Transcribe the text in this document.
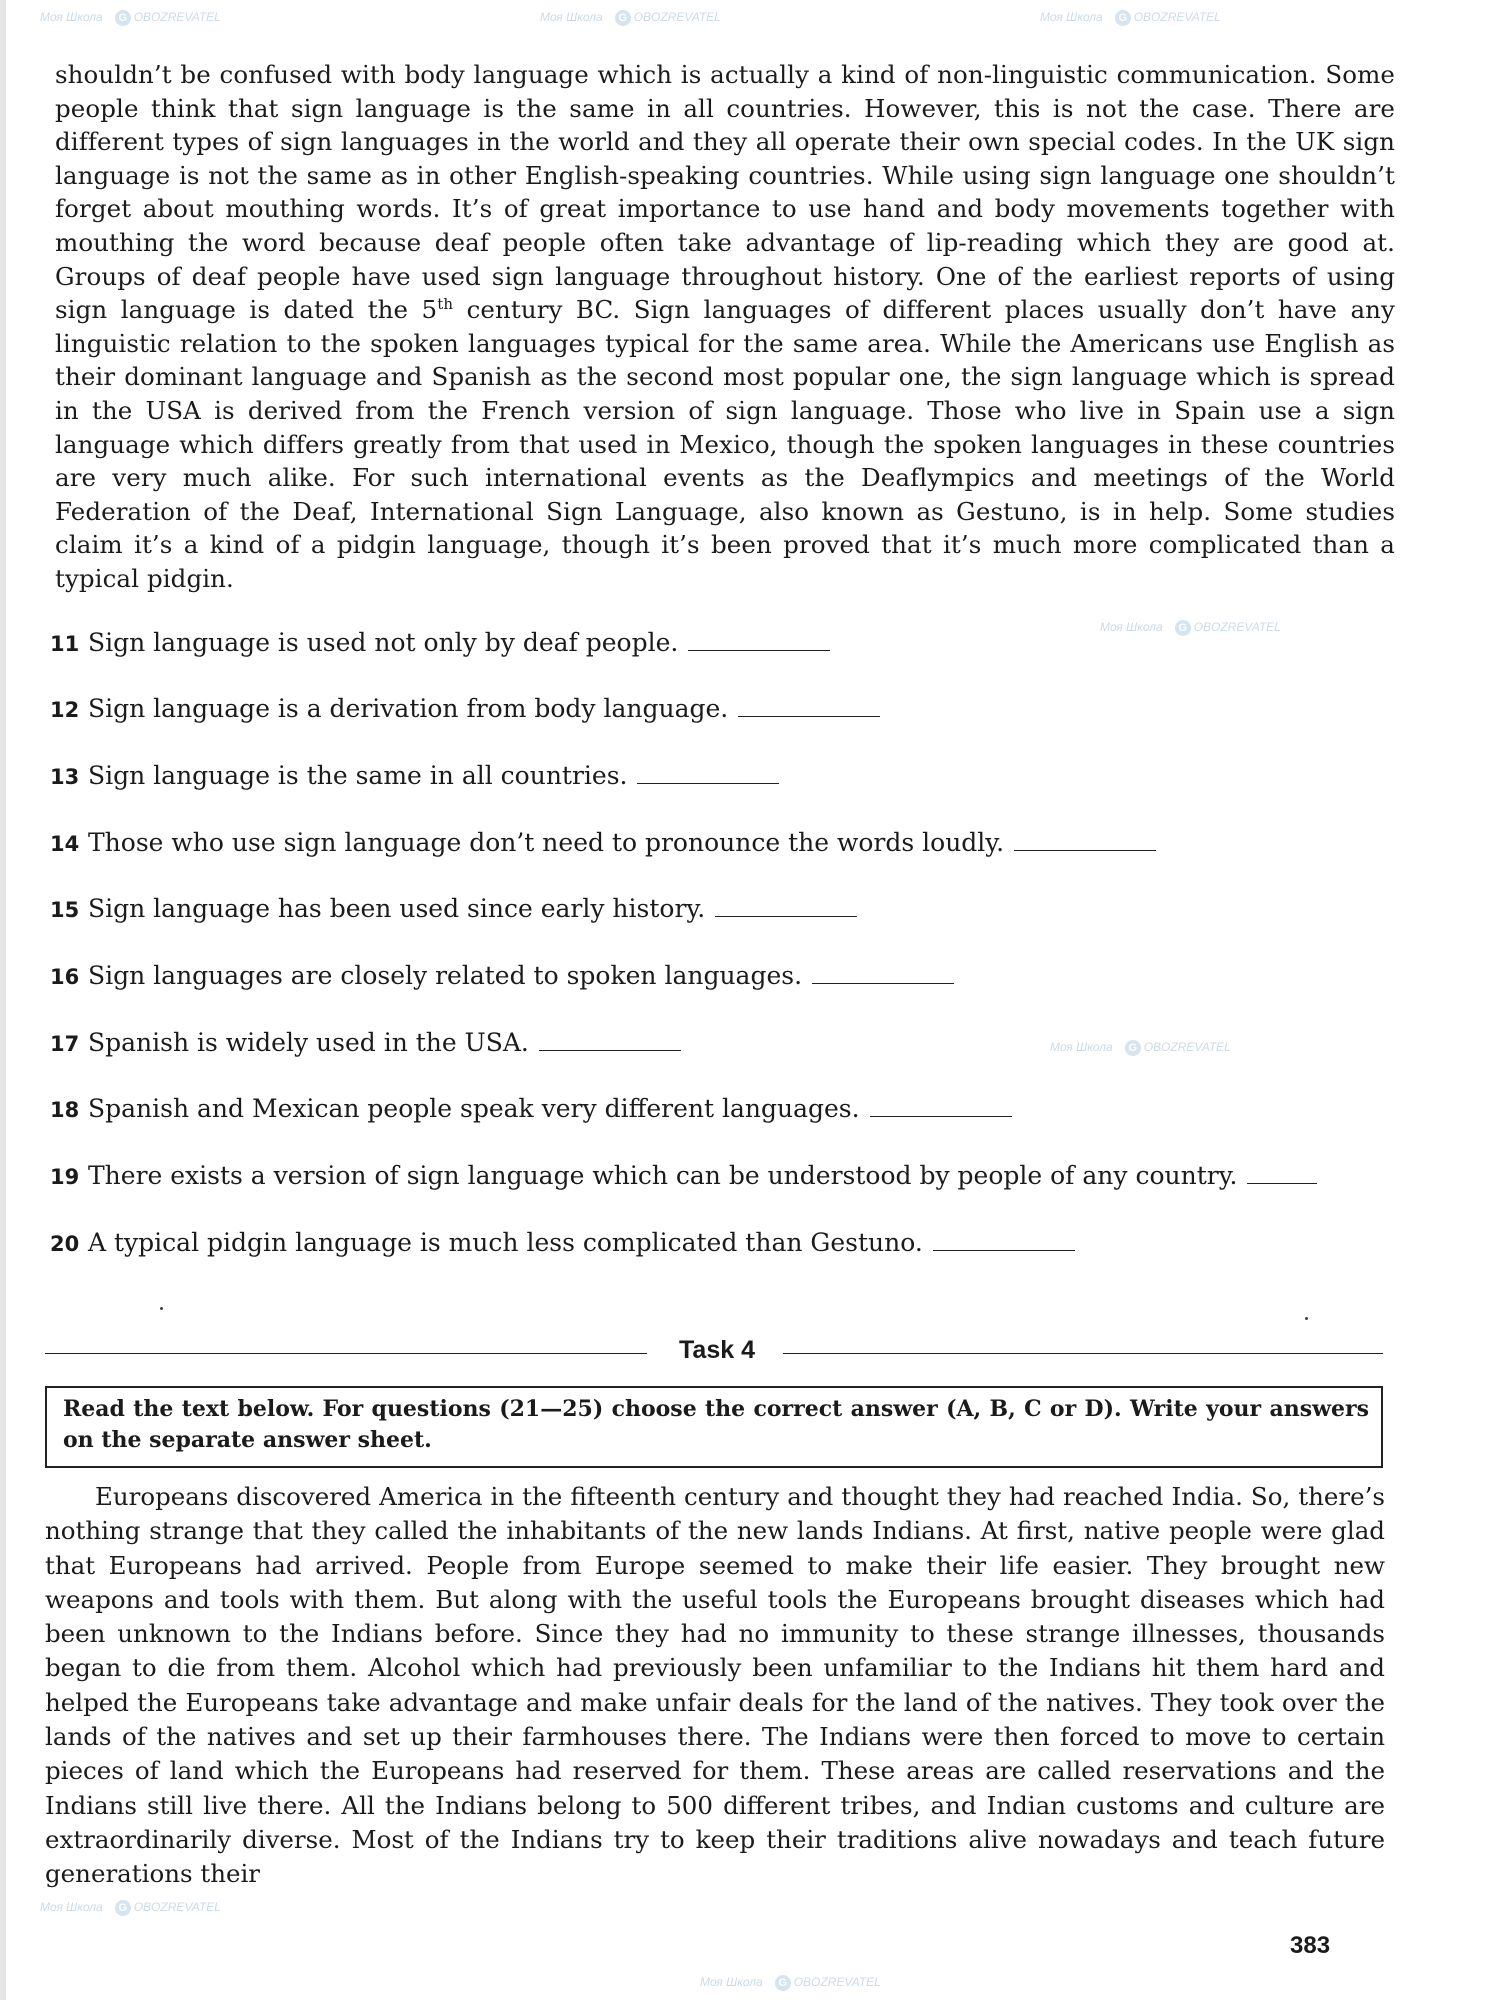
Моя Школа G OBOZREVATEL	Моя Школа G OBOZREVATEL	Моя Школа G OBOZREVATEL
Моя Школа G OBOZREVATEL
Моя Школа G OBOZREVATEL
Моя Школа G OBOZREVATEL
Моя Школа G OBOZREVATEL

shouldn’t be confused with body language which is actually a kind of non-linguistic communication. Some people think that sign language is the same in all countries. However, this is not the case. There are different types of sign languages in the world and they all operate their own special codes. In the UK sign language is not the same as in other English-speaking countries. While using sign language one shouldn’t forget about mouthing words. It’s of great importance to use hand and body movements together with mouthing the word because deaf people often take advantage of lip-reading which they are good at. Groups of deaf people have used sign language throughout history. One of the earliest reports of using sign language is dated the 5th century BC. Sign languages of different places usually don’t have any linguistic relation to the spoken languages typical for the same area. While the Americans use English as their dominant language and Spanish as the second most popular one, the sign language which is spread in the USA is derived from the French version of sign language. Those who live in Spain use a sign language which differs greatly from that used in Mexico, though the spoken languages in these countries are very much alike. For such international events as the Deaflympics and meetings of the World Federation of the Deaf, International Sign Language, also known as Gestuno, is in help. Some studies claim it’s a kind of a pidgin language, though it’s been proved that it’s much more complicated than a typical pidgin.

11 Sign language is used not only by deaf people.
12 Sign language is a derivation from body language.
13 Sign language is the same in all countries.
14 Those who use sign language don’t need to pronounce the words loudly.
15 Sign language has been used since early history.
16 Sign languages are closely related to spoken languages.
17 Spanish is widely used in the USA.
18 Spanish and Mexican people speak very different languages.
19 There exists a version of sign language which can be understood by people of any country.
20 A typical pidgin language is much less complicated than Gestuno.
Task 4
Read the text below. For questions (21—25) choose the correct answer (A, B, C or D). Write your answers on the separate answer sheet.

Europeans discovered America in the fifteenth century and thought they had reached India. So, there’s nothing strange that they called the inhabitants of the new lands Indians. At first, native people were glad that Europeans had arrived. People from Europe seemed to make their life easier. They brought new weapons and tools with them. But along with the useful tools the Europeans brought diseases which had been unknown to the Indians before. Since they had no immunity to these strange illnesses, thousands began to die from them. Alcohol which had previously been unfamiliar to the Indians hit them hard and helped the Europeans take advantage and make unfair deals for the land of the natives. They took over the lands of the natives and set up their farmhouses there. The Indians were then forced to move to certain pieces of land which the Europeans had reserved for them. These areas are called reservations and the Indians still live there. All the Indians belong to 500 different tribes, and Indian customs and culture are extraordinarily diverse. Most of the Indians try to keep their traditions alive nowadays and teach future generations their

383
